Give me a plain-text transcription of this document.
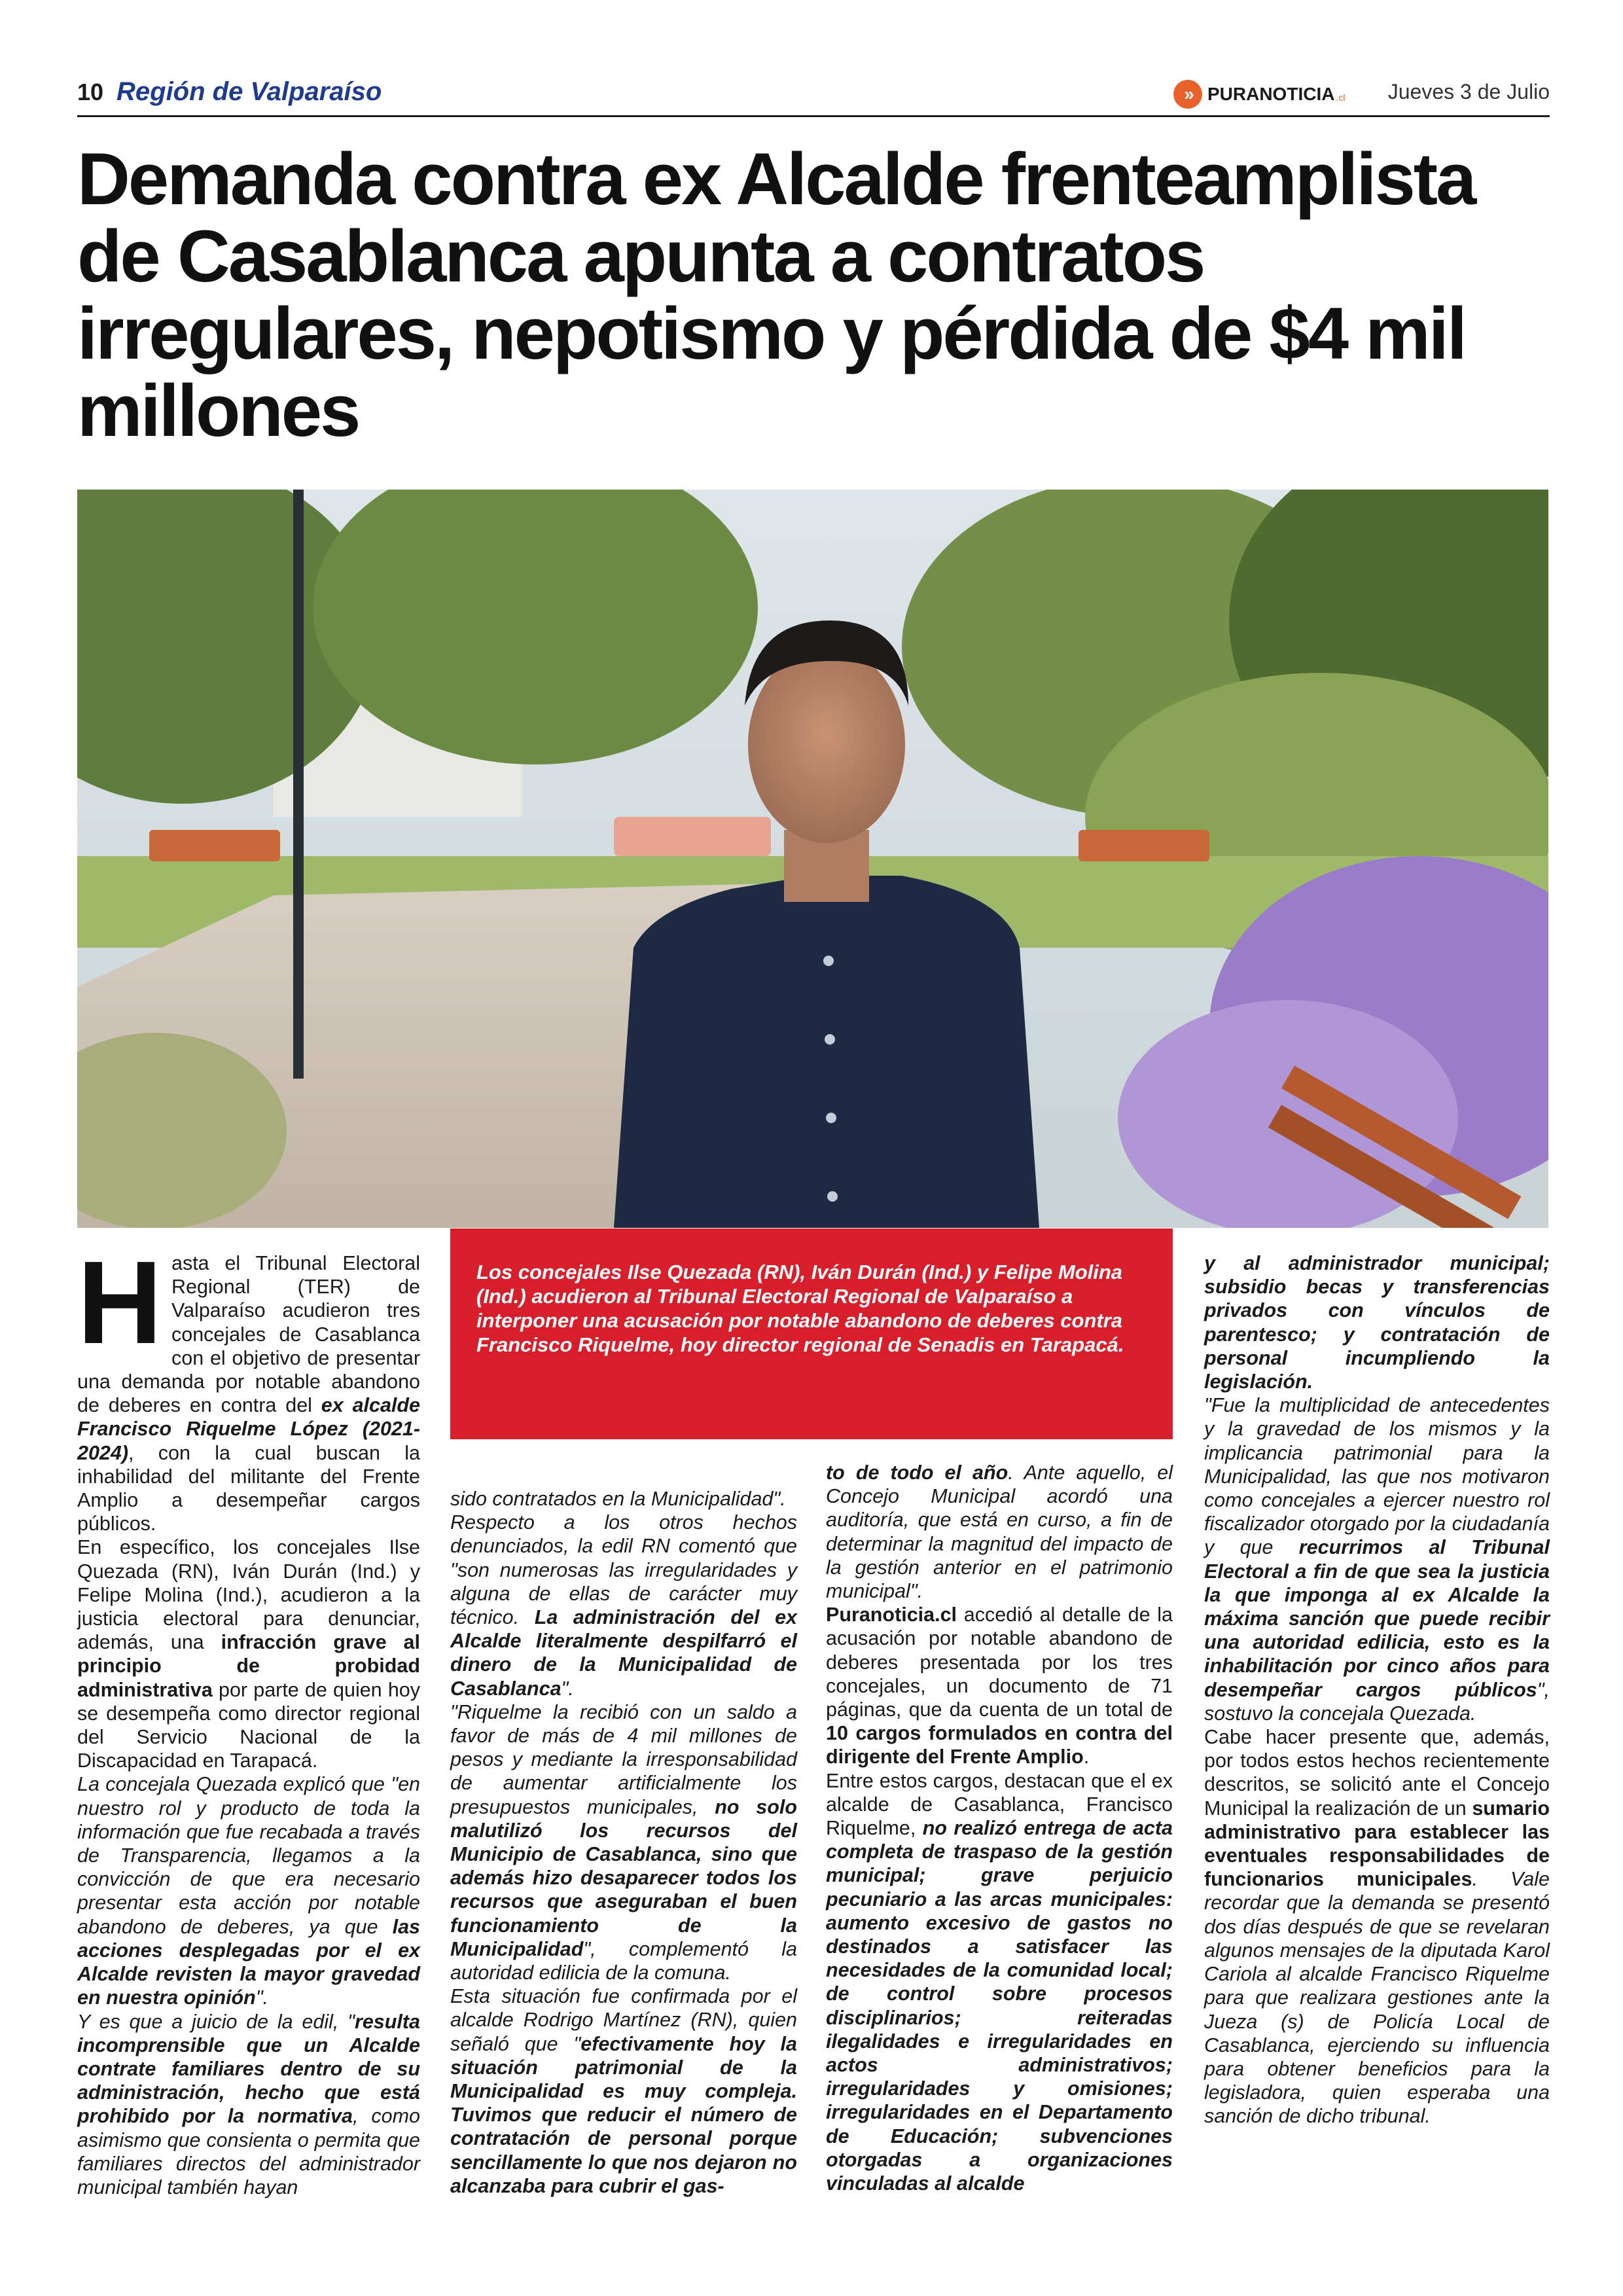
10 Región de Valparaíso	» PURANOTICIA .cl Jueves 3 de Julio
Demanda contra ex Alcalde frenteamplista de Casablanca apunta a contratos irregulares, nepotismo y pérdida de $4 mil millones

Los concejales Ilse Quezada (RN), Iván Durán (Ind.) y Felipe Molina (Ind.) acudieron al Tribunal Electoral Regional de Valparaíso a interponer una acusación por notable abandono de deberes contra Francisco Riquelme, hoy director regional de Senadis en Tarapacá.

H asta el Tribunal Electoral Regional (TER) de Valparaíso acudieron tres concejales de Casablanca con el objetivo de presentar una demanda por notable abandono de deberes en contra del ex alcalde Francisco Riquelme López (2021-2024), con la cual buscan la inhabilidad del militante del Frente Amplio a desempeñar cargos públicos.

En específico, los concejales Ilse Quezada (RN), Iván Durán (Ind.) y Felipe Molina (Ind.), acudieron a la justicia electoral para denunciar, además, una infracción grave al principio de probidad administrativa por parte de quien hoy se desempeña como director regional del Servicio Nacional de la Discapacidad en Tarapacá.

La concejala Quezada explicó que "en nuestro rol y producto de toda la información que fue recabada a través de Transparencia, llegamos a la convicción de que era necesario presentar esta acción por notable abandono de deberes, ya que las acciones desplegadas por el ex Alcalde revisten la mayor gravedad en nuestra opinión".

Y es que a juicio de la edil, "resulta incomprensible que un Alcalde contrate familiares dentro de su administración, hecho que está prohibido por la normativa, como asimismo que consienta o permita que familiares directos del administrador municipal también hayan

sido contratados en la Municipalidad".

Respecto a los otros hechos denunciados, la edil RN comentó que "son numerosas las irregularidades y alguna de ellas de carácter muy técnico. La administración del ex Alcalde literalmente despilfarró el dinero de la Municipalidad de Casablanca".

"Riquelme la recibió con un saldo a favor de más de 4 mil millones de pesos y mediante la irresponsabilidad de aumentar artificialmente los presupuestos municipales, no solo malutilizó los recursos del Municipio de Casablanca, sino que además hizo desaparecer todos los recursos que aseguraban el buen funcionamiento de la Municipalidad", complementó la autoridad edilicia de la comuna.

Esta situación fue confirmada por el alcalde Rodrigo Martínez (RN), quien señaló que "efectivamente hoy la situación patrimonial de la Municipalidad es muy compleja. Tuvimos que reducir el número de contratación de personal porque sencillamente lo que nos dejaron no alcanzaba para cubrir el gas-

to de todo el año. Ante aquello, el Concejo Municipal acordó una auditoría, que está en curso, a fin de determinar la magnitud del impacto de la gestión anterior en el patrimonio municipal".

Puranoticia.cl accedió al detalle de la acusación por notable abandono de deberes presentada por los tres concejales, un documento de 71 páginas, que da cuenta de un total de 10 cargos formulados en contra del dirigente del Frente Amplio.

Entre estos cargos, destacan que el ex alcalde de Casablanca, Francisco Riquelme, no realizó entrega de acta completa de traspaso de la gestión municipal; grave perjuicio pecuniario a las arcas municipales: aumento excesivo de gastos no destinados a satisfacer las necesidades de la comunidad local; de control sobre procesos disciplinarios; reiteradas ilegalidades e irregularidades en actos administrativos; irregularidades y omisiones; irregularidades en el Departamento de Educación; subvenciones otorgadas a organizaciones vinculadas al alcalde

y al administrador municipal; subsidio becas y transferencias privados con vínculos de parentesco; y contratación de personal incumpliendo la legislación.

"Fue la multiplicidad de antecedentes y la gravedad de los mismos y la implicancia patrimonial para la Municipalidad, las que nos motivaron como concejales a ejercer nuestro rol fiscalizador otorgado por la ciudadanía y que recurrimos al Tribunal Electoral a fin de que sea la justicia la que imponga al ex Alcalde la máxima sanción que puede recibir una autoridad edilicia, esto es la inhabilitación por cinco años para desempeñar cargos públicos", sostuvo la concejala Quezada.

Cabe hacer presente que, además, por todos estos hechos recientemente descritos, se solicitó ante el Concejo Municipal la realización de un sumario administrativo para establecer las eventuales responsabilidades de funcionarios municipales. Vale recordar que la demanda se presentó dos días después de que se revelaran algunos mensajes de la diputada Karol Cariola al alcalde Francisco Riquelme para que realizara gestiones ante la Jueza (s) de Policía Local de Casablanca, ejerciendo su influencia para obtener beneficios para la legisladora, quien esperaba una sanción de dicho tribunal.
